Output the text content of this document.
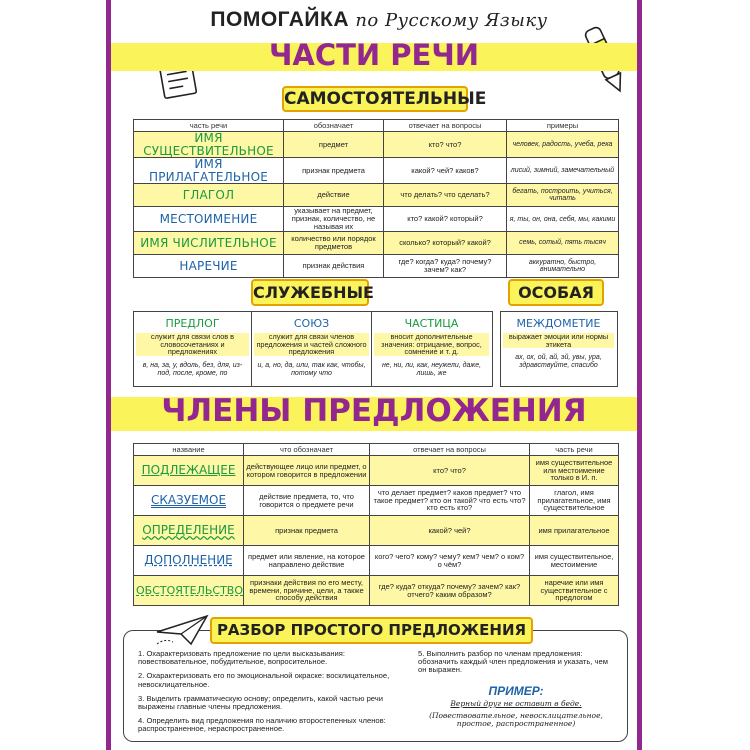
ПОМОГАЙКА по Русскому Языку
ЧАСТИ РЕЧИ
САМОСТОЯТЕЛЬНЫЕ
часть речи	обозначает	отвечает на вопросы	примеры
ИМЯ СУЩЕСТВИТЕЛЬНОЕ	предмет	кто? что?	человек, радость, учеба, река
ИМЯ ПРИЛАГАТЕЛЬНОЕ	признак предмета	какой? чей? каков?	лисий, зимний, замечательный
ГЛАГОЛ	действие	что делать? что сделать?	бегать, построить, учиться, читать
МЕСТОИМЕНИЕ	указывает на предмет, признак, количество, не называя их	кто? какой? который?	я, ты, он, она, себя, мы, какими
ИМЯ ЧИСЛИТЕЛЬНОЕ	количество или порядок предметов	сколько? который? какой?	семь, сотый, пять тысяч
НАРЕЧИЕ	признак действия	где? когда? куда? почему? зачем? как?	аккуратно, быстро, внимательно
СЛУЖЕБНЫЕ	ОСОБАЯ
ПРЕДЛОГ
служит для связи слов в словосочетаниях и предложениях
в, на, за, у, вдоль, без, для, из-под, после, кроме, по
СОЮЗ
служит для связи членов предложения и частей сложного предложения
и, а, но, да, или, так как, чтобы, потому что
ЧАСТИЦА
вносит дополнительные значения: отрицание, вопрос, сомнение и т. д.
не, ни, ли, как, неужели, даже, лишь, же
МЕЖДОМЕТИЕ
выражает эмоции или нормы этикета
ах, ох, ой, ай, эй, увы, ура, здравствуйте, спасибо
ЧЛЕНЫ ПРЕДЛОЖЕНИЯ
название	что обозначает	отвечает на вопросы	часть речи
ПОДЛЕЖАЩЕЕ	действующее лицо или предмет, о котором говорится в предложении	кто? что?	имя существительное или местоимение только в И. п.
СКАЗУЕМОЕ	действие предмета, то, что говорится о предмете речи	что делает предмет? каков предмет? что такое предмет? кто он такой? что есть что? кто есть кто?	глагол, имя прилагательное, имя существительное
ОПРЕДЕЛЕНИЕ	признак предмета	какой? чей?	имя прилагательное
ДОПОЛНЕНИЕ	предмет или явление, на которое направлено действие	кого? чего? кому? чему? кем? чем? о ком? о чём?	имя существительное, местоимение
ОБСТОЯТЕЛЬСТВО	признаки действия по его месту, времени, причине, цели, а также способу действия	где? куда? откуда? почему? зачем? как? отчего? каким образом?	наречие или имя существительное с предлогом
РАЗБОР ПРОСТОГО ПРЕДЛОЖЕНИЯ

1. Охарактеризовать предложение по цели высказывания: повествовательное, побудительное, вопросительное.

2. Охарактеризовать его по эмоциональной окраске: восклицательное, невосклицательное.

3. Выделить грамматическую основу; определить, какой частью речи выражены главные члены предложения.

4. Определить вид предложения по наличию второстепенных членов: распространенное, нераспространенное.

5. Выполнить разбор по членам предложения: обозначить каждый член предложения и указать, чем он выражен.

ПРИМЕР:
Верный друг не оставит в беде.
(Повествовательное, невосклицательное, простое, распространенное)
